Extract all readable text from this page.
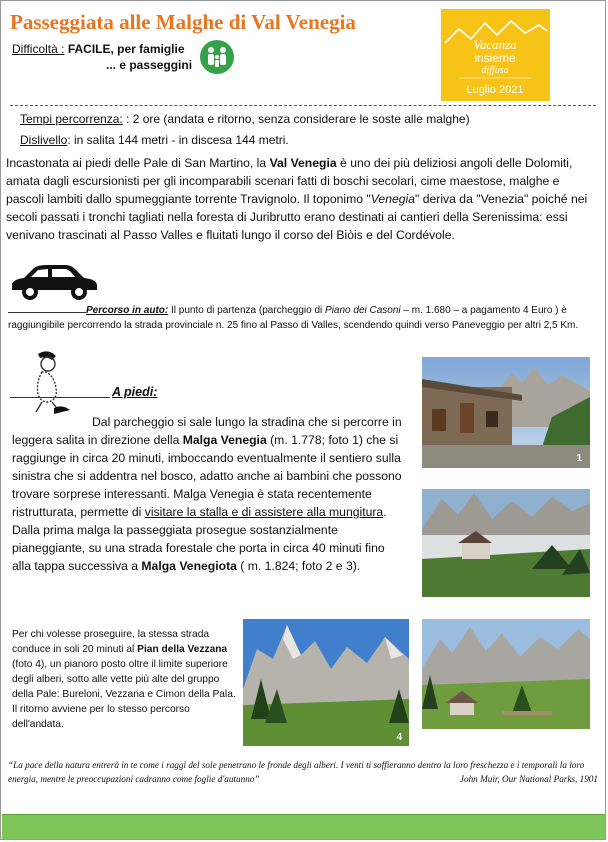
Passeggiata alle Malghe di Val Venegia
Difficoltà : FACILE, per famiglie
... e passeggini
Vacanza
insieme
diffusa
Luglio 2021
Tempi percorrenza: : 2 ore (andata e ritorno, senza considerare le soste alle malghe)
Dislivello: in salita 144 metri - in discesa 144 metri.
Incastonata ai piedi delle Pale di San Martino, la Val Venegia è uno dei più deliziosi angoli delle Dolomiti, amata dagli escursionisti per gli incomparabili scenari fatti di boschi secolari, cime maestose, malghe e pascoli lambiti dallo spumeggiante torrente Travignolo. Il toponimo "Venegia" deriva da "Venezia" poiché nei secoli passati i tronchi tagliati nella foresta di Juribrutto erano destinati ai cantieri della Serenissima: essi venivano trascinati al Passo Valles e fluitati lungo il corso del Biòis e del Cordévole.
Percorso in auto: Il punto di partenza (parcheggio di Piano dei Casoni – m. 1.680 – a pagamento 4 Euro ) è raggiungibile percorrendo la strada provinciale n. 25 fino al Passo di Valles, scendendo quindi verso Paneveggio per altri 2,5 Km.
A piedi:

Dal parcheggio si sale lungo la stradina che si percorre in leggera salita in direzione della Malga Venegia (m. 1.778; foto 1) che si raggiunge in circa 20 minuti, imboccando eventualmente il sentiero sulla sinistra che si addentra nel bosco, adatto anche ai bambini che possono trovare sorprese interessanti. Malga Venegia è stata recentemente ristrutturata, permette di visitare la stalla e di assistere alla mungitura. Dalla prima malga la passeggiata prosegue sostanzialmente pianeggiante, su una strada forestale che porta in circa 40 minuti fino alla tappa successiva a Malga Venegiota ( m. 1.824; foto 2 e 3).

1
Per chi volesse proseguire, la stessa strada conduce in soli 20 minuti al Pian della Vezzana (foto 4), un pianoro posto oltre il limite superiore degli alberi, sotto alle vette più alte del gruppo della Pale: Bureloni, Vezzana e Cimon della Pala. Il ritorno avviene per lo stesso percorso dell'andata.
4
“La pace della natura entrerà in te come i raggi del sole penetrano le fronde degli alberi. I venti ti soffieranno dentro la loro freschezza e i temporali la loro energia, mentre le preoccupazioni cadranno come foglie d'autunno”	John Muir, Our National Parks, 1901
